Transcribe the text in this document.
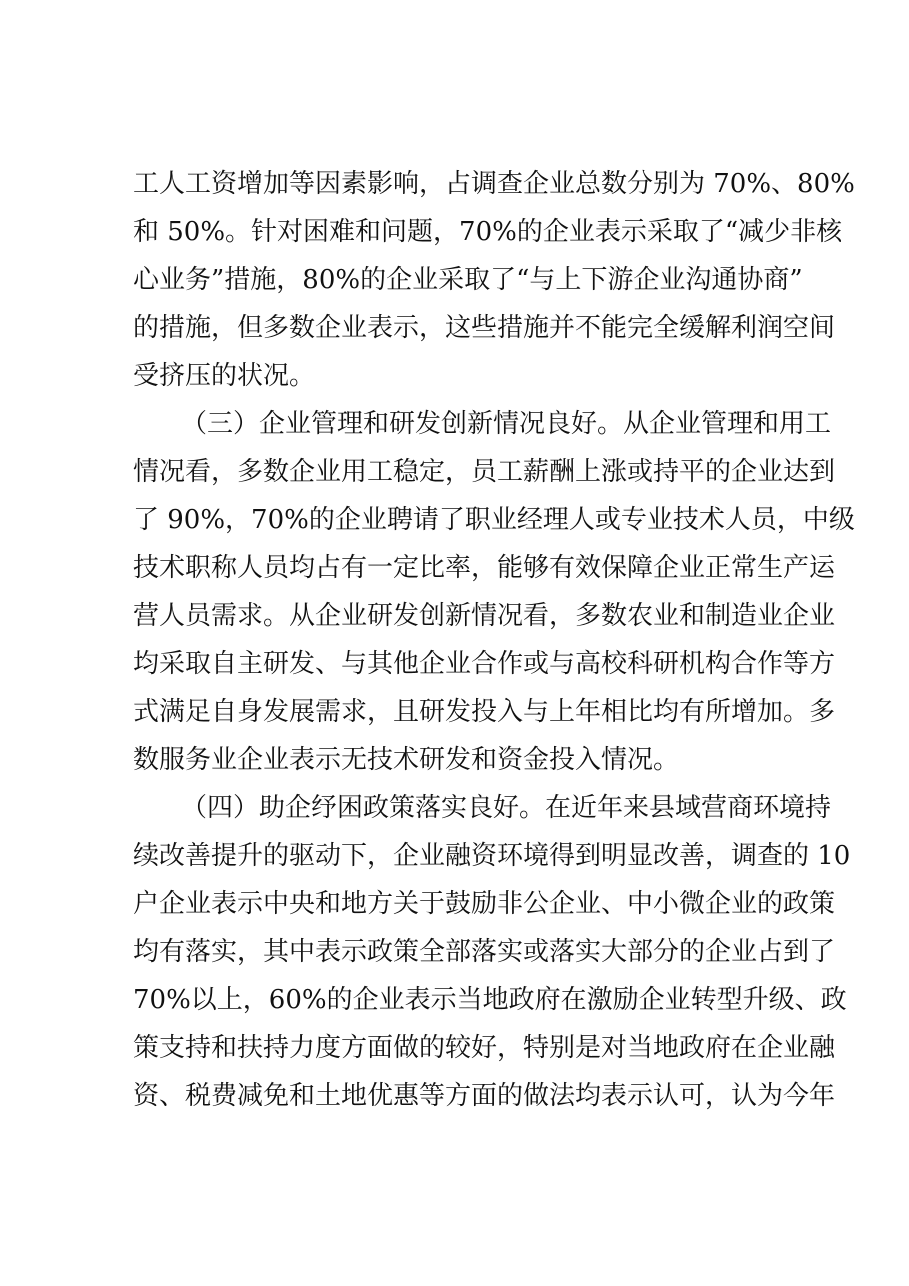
工人工资增加等因素影响，占调查企业总数分别为 70%、80%
和 50%。针对困难和问题，70%的企业表示采取了“减少非核
心业务”措施，80%的企业采取了“与上下游企业沟通协商”
的措施，但多数企业表示，这些措施并不能完全缓解利润空间
受挤压的状况。
（三）企业管理和研发创新情况良好。从企业管理和用工
情况看，多数企业用工稳定，员工薪酬上涨或持平的企业达到
了 90%，70%的企业聘请了职业经理人或专业技术人员，中级
技术职称人员均占有一定比率，能够有效保障企业正常生产运
营人员需求。从企业研发创新情况看，多数农业和制造业企业
均采取自主研发、与其他企业合作或与高校科研机构合作等方
式满足自身发展需求，且研发投入与上年相比均有所增加。多
数服务业企业表示无技术研发和资金投入情况。
（四）助企纾困政策落实良好。在近年来县域营商环境持
续改善提升的驱动下，企业融资环境得到明显改善，调查的 10
户企业表示中央和地方关于鼓励非公企业、中小微企业的政策
均有落实，其中表示政策全部落实或落实大部分的企业占到了
70%以上，60%的企业表示当地政府在激励企业转型升级、政
策支持和扶持力度方面做的较好，特别是对当地政府在企业融
资、税费减免和土地优惠等方面的做法均表示认可，认为今年
